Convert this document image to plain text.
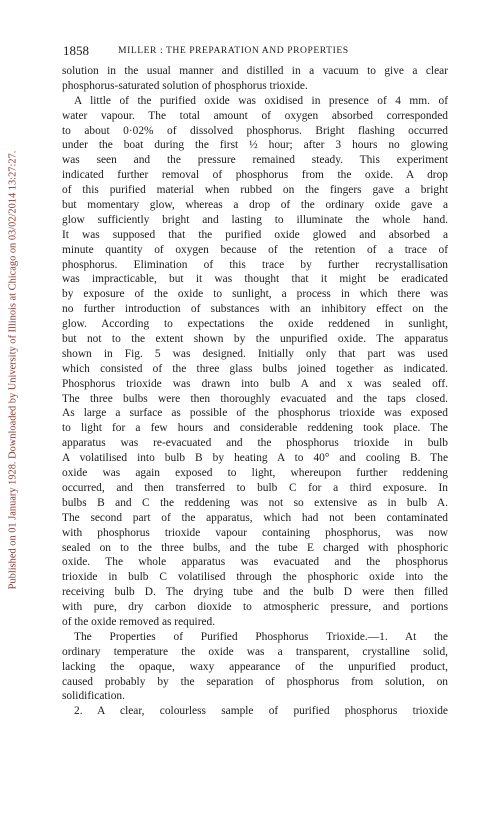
Published on 01 January 1928. Downloaded by University of Illinois at Chicago on 03/02/2014 13:27:27.
1858	MILLER : THE PREPARATION AND PROPERTIES
solution in the usual manner and distilled in a vacuum to give a clear
phosphorus-saturated solution of phosphorus trioxide.
A little of the purified oxide was oxidised in presence of 4 mm. of
water vapour. The total amount of oxygen absorbed corresponded
to about 0·02% of dissolved phosphorus. Bright flashing occurred
under the boat during the first ½ hour; after 3 hours no glowing
was seen and the pressure remained steady. This experiment
indicated further removal of phosphorus from the oxide. A drop
of this purified material when rubbed on the fingers gave a bright
but momentary glow, whereas a drop of the ordinary oxide gave a
glow sufficiently bright and lasting to illuminate the whole hand.
It was supposed that the purified oxide glowed and absorbed a
minute quantity of oxygen because of the retention of a trace of
phosphorus. Elimination of this trace by further recrystallisation
was impracticable, but it was thought that it might be eradicated
by exposure of the oxide to sunlight, a process in which there was
no further introduction of substances with an inhibitory effect on the
glow. According to expectations the oxide reddened in sunlight,
but not to the extent shown by the unpurified oxide. The apparatus
shown in Fig. 5 was designed. Initially only that part was used
which consisted of the three glass bulbs joined together as indicated.
Phosphorus trioxide was drawn into bulb A and x was sealed off.
The three bulbs were then thoroughly evacuated and the taps closed.
As large a surface as possible of the phosphorus trioxide was exposed
to light for a few hours and considerable reddening took place. The
apparatus was re-evacuated and the phosphorus trioxide in bulb
A volatilised into bulb B by heating A to 40° and cooling B. The
oxide was again exposed to light, whereupon further reddening
occurred, and then transferred to bulb C for a third exposure. In
bulbs B and C the reddening was not so extensive as in bulb A.
The second part of the apparatus, which had not been contaminated
with phosphorus trioxide vapour containing phosphorus, was now
sealed on to the three bulbs, and the tube E charged with phosphoric
oxide. The whole apparatus was evacuated and the phosphorus
trioxide in bulb C volatilised through the phosphoric oxide into the
receiving bulb D. The drying tube and the bulb D were then filled
with pure, dry carbon dioxide to atmospheric pressure, and portions
of the oxide removed as required.
The Properties of Purified Phosphorus Trioxide.—1. At the
ordinary temperature the oxide was a transparent, crystalline solid,
lacking the opaque, waxy appearance of the unpurified product,
caused probably by the separation of phosphorus from solution, on
solidification.
2. A clear, colourless sample of purified phosphorus trioxide
